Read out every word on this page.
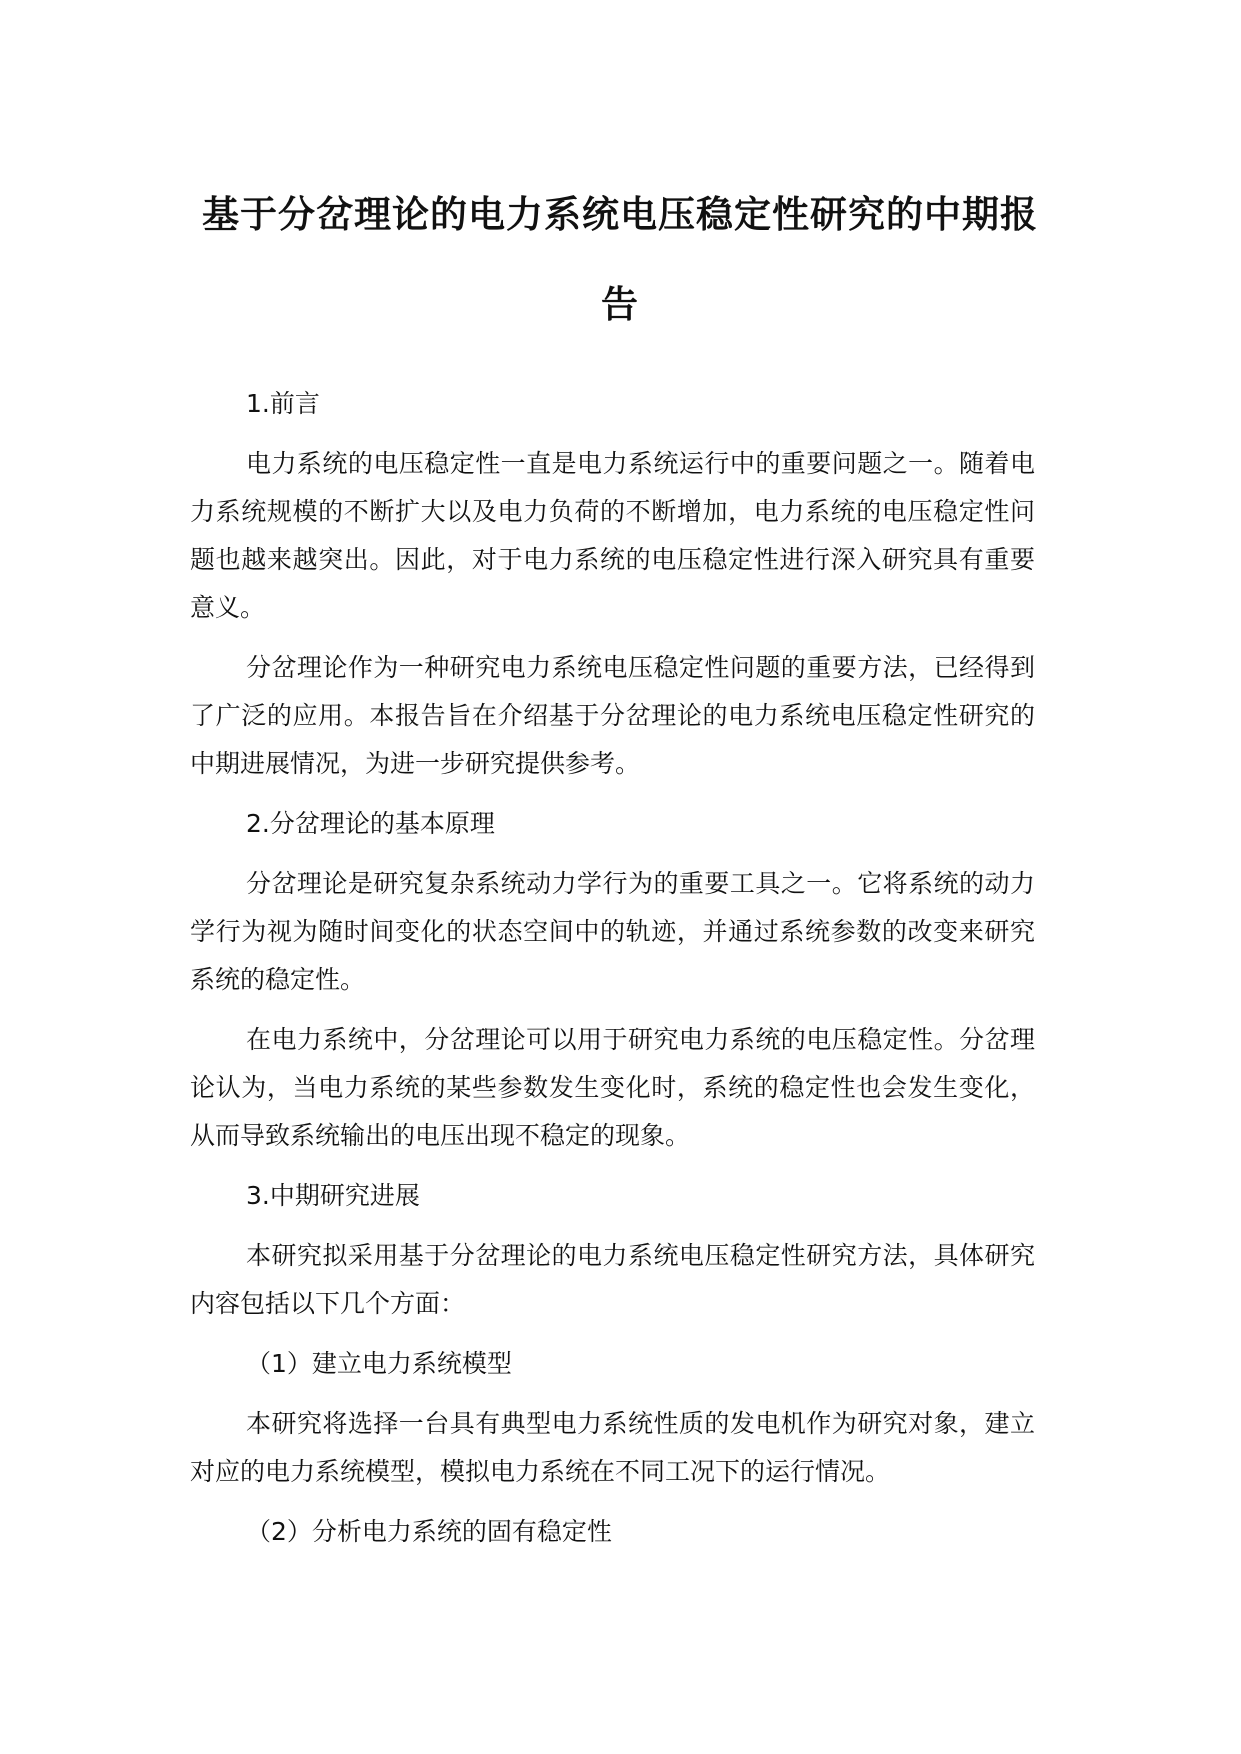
基于分岔理论的电力系统电压稳定性研究的中期报告

1.前言

电力系统的电压稳定性一直是电力系统运行中的重要问题之一。随着电力系统规模的不断扩大以及电力负荷的不断增加，电力系统的电压稳定性问题也越来越突出。因此，对于电力系统的电压稳定性进行深入研究具有重要意义。

分岔理论作为一种研究电力系统电压稳定性问题的重要方法，已经得到了广泛的应用。本报告旨在介绍基于分岔理论的电力系统电压稳定性研究的中期进展情况，为进一步研究提供参考。

2.分岔理论的基本原理

分岔理论是研究复杂系统动力学行为的重要工具之一。它将系统的动力学行为视为随时间变化的状态空间中的轨迹，并通过系统参数的改变来研究系统的稳定性。

在电力系统中，分岔理论可以用于研究电力系统的电压稳定性。分岔理论认为，当电力系统的某些参数发生变化时，系统的稳定性也会发生变化，从而导致系统输出的电压出现不稳定的现象。

3.中期研究进展

本研究拟采用基于分岔理论的电力系统电压稳定性研究方法，具体研究内容包括以下几个方面：

（1）建立电力系统模型

本研究将选择一台具有典型电力系统性质的发电机作为研究对象，建立对应的电力系统模型，模拟电力系统在不同工况下的运行情况。

（2）分析电力系统的固有稳定性
